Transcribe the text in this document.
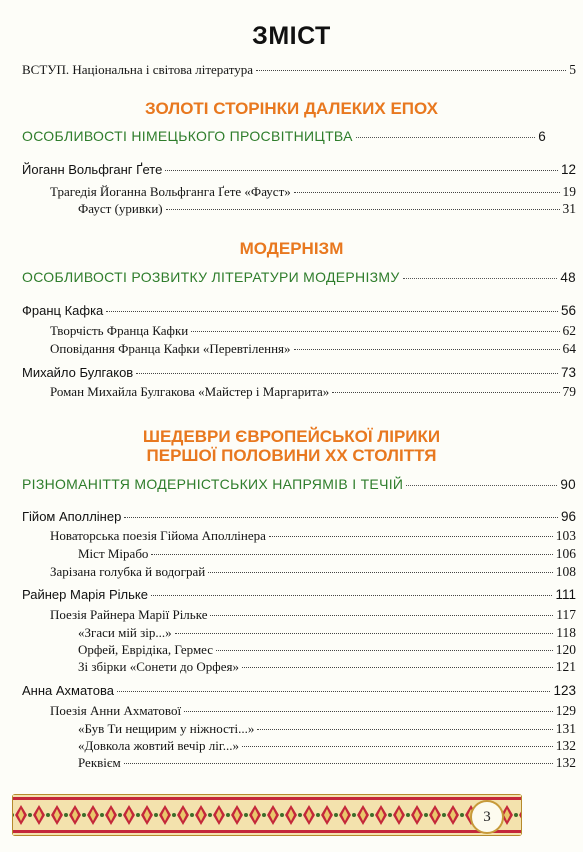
ЗМІСТ
ВСТУП. Національна і світова література	5
ЗОЛОТІ СТОРІНКИ ДАЛЕКИХ ЕПОХ
ОСОБЛИВОСТІ НІМЕЦЬКОГО ПРОСВІТНИЦТВА	6
Йоганн Вольфганг Ґете	12
Трагедія Йоганна Вольфганга Ґете «Фауст»	19
Фауст (уривки)	31
МОДЕРНІЗМ
ОСОБЛИВОСТІ РОЗВИТКУ ЛІТЕРАТУРИ МОДЕРНІЗМУ	48
Франц Кафка	56
Творчість Франца Кафки	62
Оповідання Франца Кафки «Перевтілення»	64
Михайло Булгаков	73
Роман Михайла Булгакова «Майстер і Маргарита»	79
ШЕДЕВРИ ЄВРОПЕЙСЬКОЇ ЛІРИКИ
ПЕРШОЇ ПОЛОВИНИ ХХ СТОЛІТТЯ
РІЗНОМАНІТТЯ МОДЕРНІСТСЬКИХ НАПРЯМІВ І ТЕЧІЙ	90
Гійом Аполлінер	96
Новаторська поезія Гійома Аполлінера	103
Міст Мірабо	106
Зарізана голубка й водограй	108
Райнер Марія Рільке	111
Поезія Райнера Марії Рільке	117
«Згаси мій зір...»	118
Орфей, Еврідіка, Гермес	120
Зі збірки «Сонети до Орфея»	121
Анна Ахматова	123
Поезія Анни Ахматової	129
«Був Ти нещирим у ніжності...»	131
«Довкола жовтий вечір ліг...»	132
Реквієм	132
3
